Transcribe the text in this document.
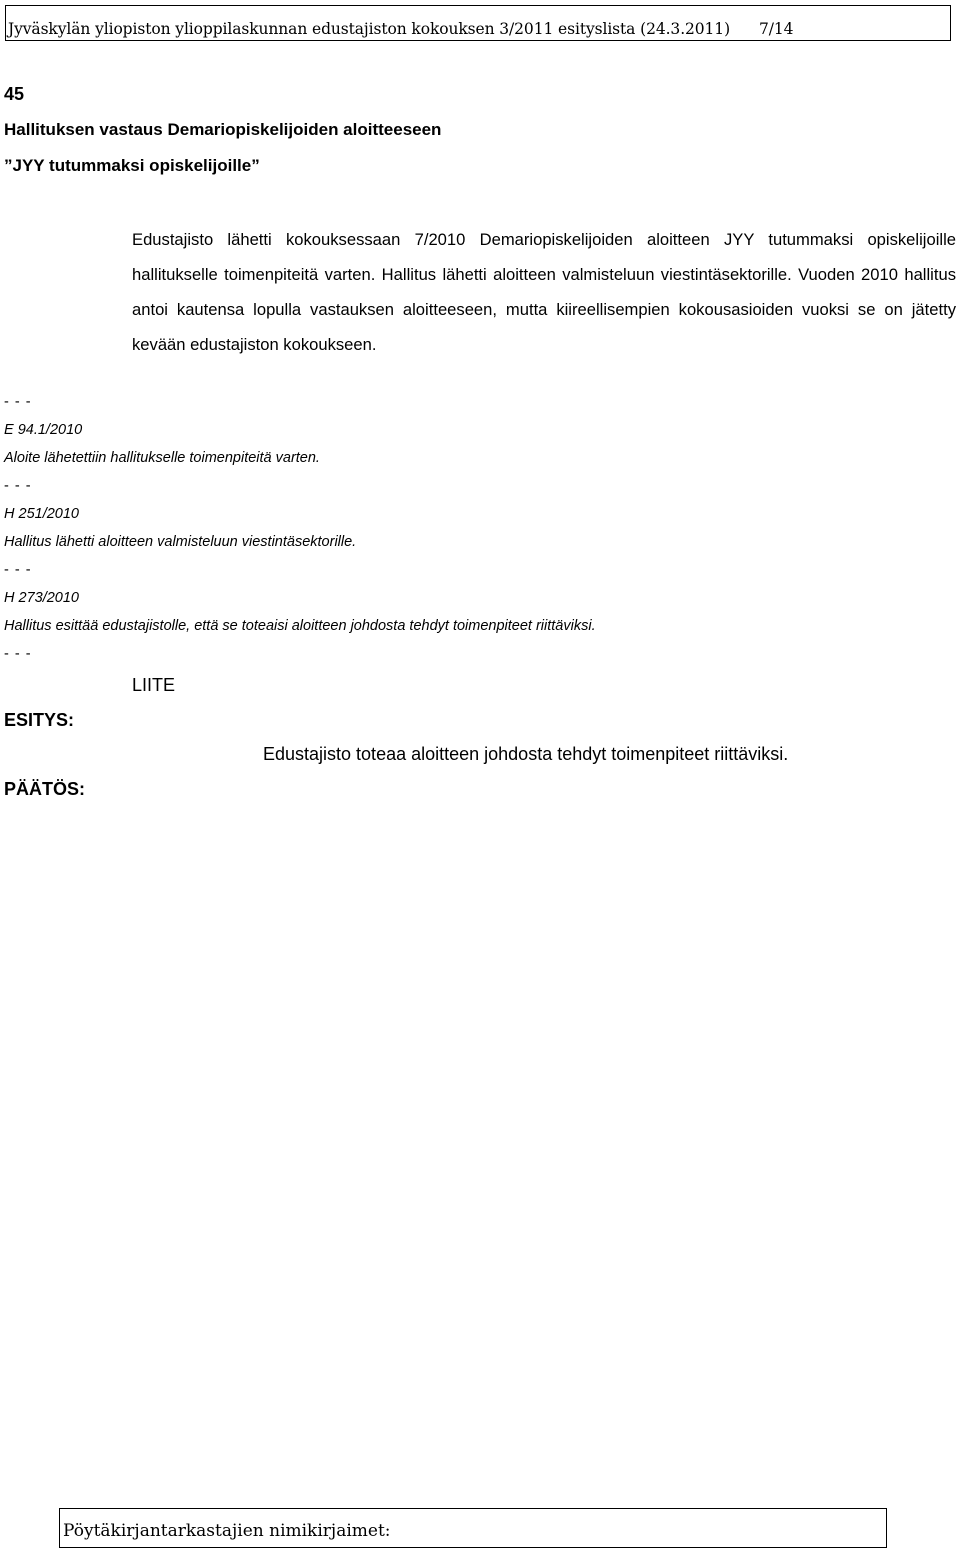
Jyväskylän yliopiston ylioppilaskunnan edustajiston kokouksen 3/2011 esityslista (24.3.2011)      7/14
45
Hallituksen vastaus Demariopiskelijoiden aloitteeseen
”JYY tutummaksi opiskelijoille”
Edustajisto lähetti kokouksessaan 7/2010 Demariopiskelijoiden aloitteen JYY tutummaksi opiskelijoille hallitukselle toimenpiteitä varten. Hallitus lähetti aloitteen valmisteluun viestintäsektorille. Vuoden 2010 hallitus antoi kautensa lopulla vastauksen aloitteeseen, mutta kiireellisempien kokousasioiden vuoksi se on jätetty kevään edustajiston kokoukseen.
- - -
E 94.1/2010
Aloite lähetettiin hallitukselle toimenpiteitä varten.
- - -
H 251/2010
Hallitus lähetti aloitteen valmisteluun viestintäsektorille.
- - -
H 273/2010
Hallitus esittää edustajistolle, että se toteaisi aloitteen johdosta tehdyt toimenpiteet riittäviksi.
- - -
LIITE
ESITYS:
Edustajisto toteaa aloitteen johdosta tehdyt toimenpiteet riittäviksi.
PÄÄTÖS:
Pöytäkirjantarkastajien nimikirjaimet:
